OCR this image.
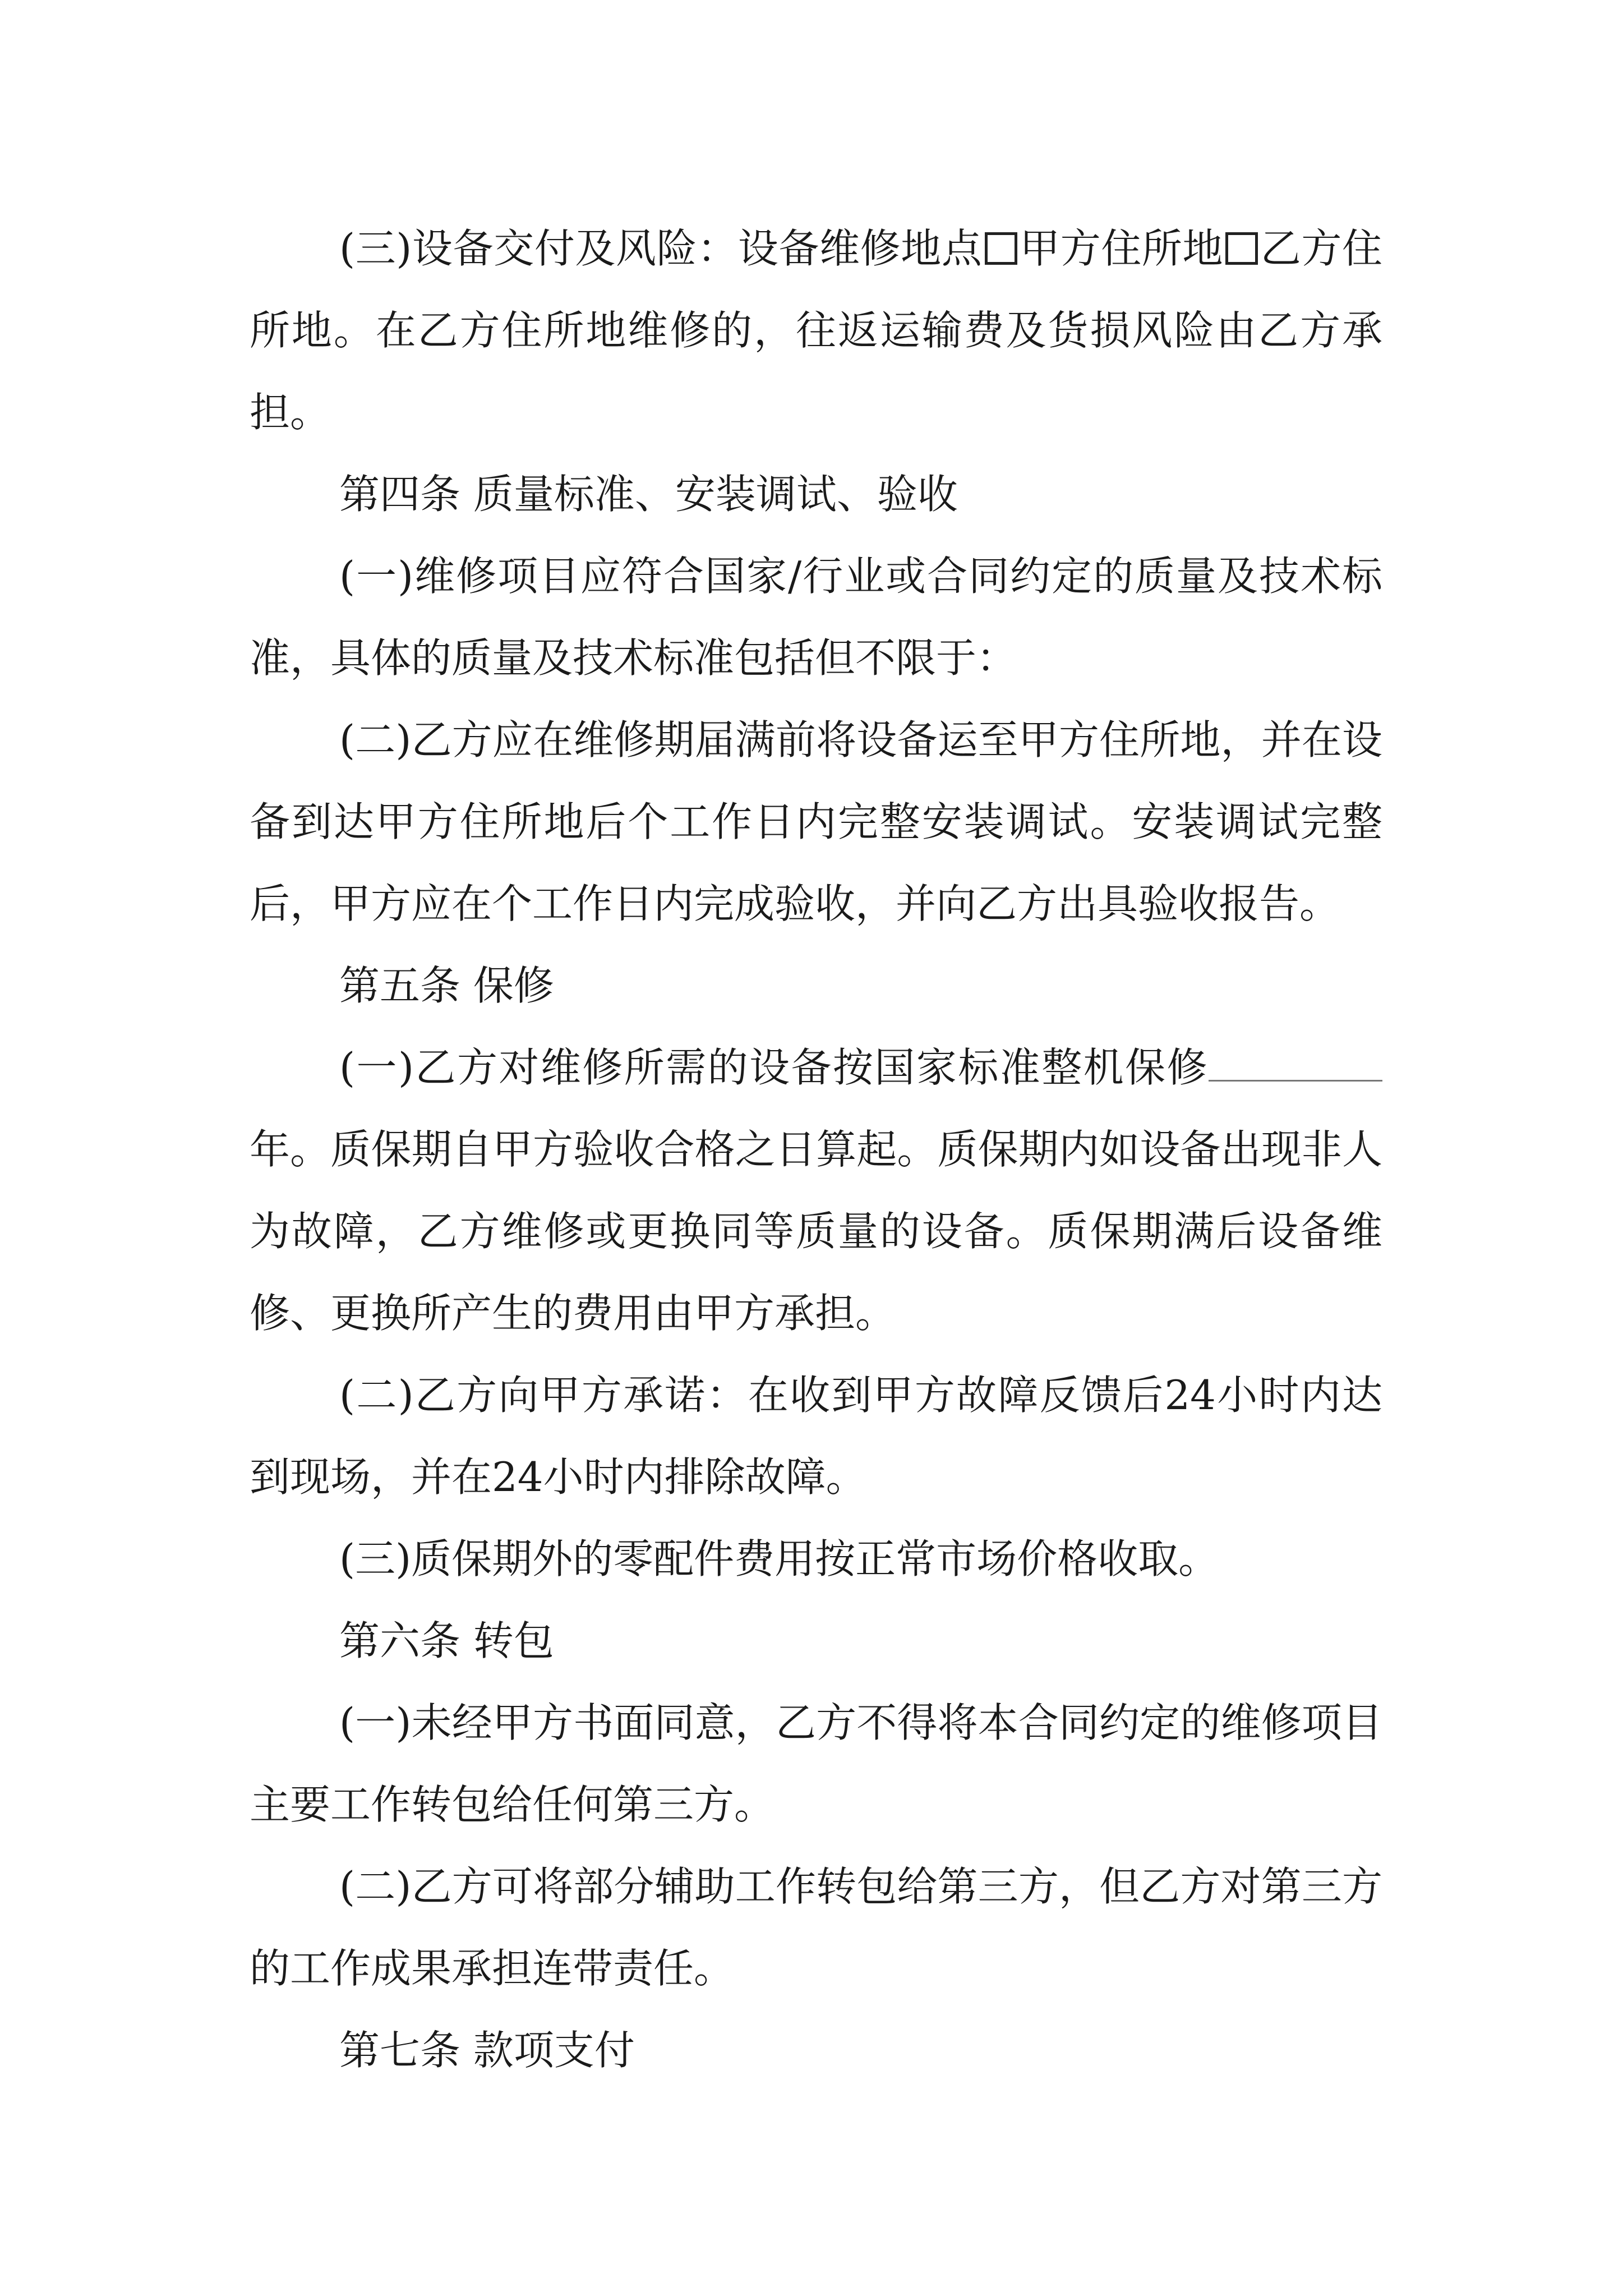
(三)设备交付及风险：设备维修地点 甲方住所地 乙方住所地。在乙方住所地维修的，往返运输费及货损风险由乙方承担。

第四条 质量标准、安装调试、验收

(一)维修项目应符合国家/行业或合同约定的质量及技术标准，具体的质量及技术标准包括但不限于：

(二)乙方应在维修期届满前将设备运至甲方住所地，并在设备到达甲方住所地后个工作日内完整安装调试。安装调试完整后，甲方应在个工作日内完成验收，并向乙方出具验收报告。

第五条 保修

(一)乙方对维修所需的设备按国家标准整机保修年。质保期自甲方验收合格之日算起。质保期内如设备出现非人为故障，乙方维修或更换同等质量的设备。质保期满后设备维修、更换所产生的费用由甲方承担。

(二)乙方向甲方承诺：在收到甲方故障反馈后24小时内达到现场，并在24小时内排除故障。

(三)质保期外的零配件费用按正常市场价格收取。

第六条 转包

(一)未经甲方书面同意，乙方不得将本合同约定的维修项目主要工作转包给任何第三方。

(二)乙方可将部分辅助工作转包给第三方，但乙方对第三方的工作成果承担连带责任。

第七条 款项支付
